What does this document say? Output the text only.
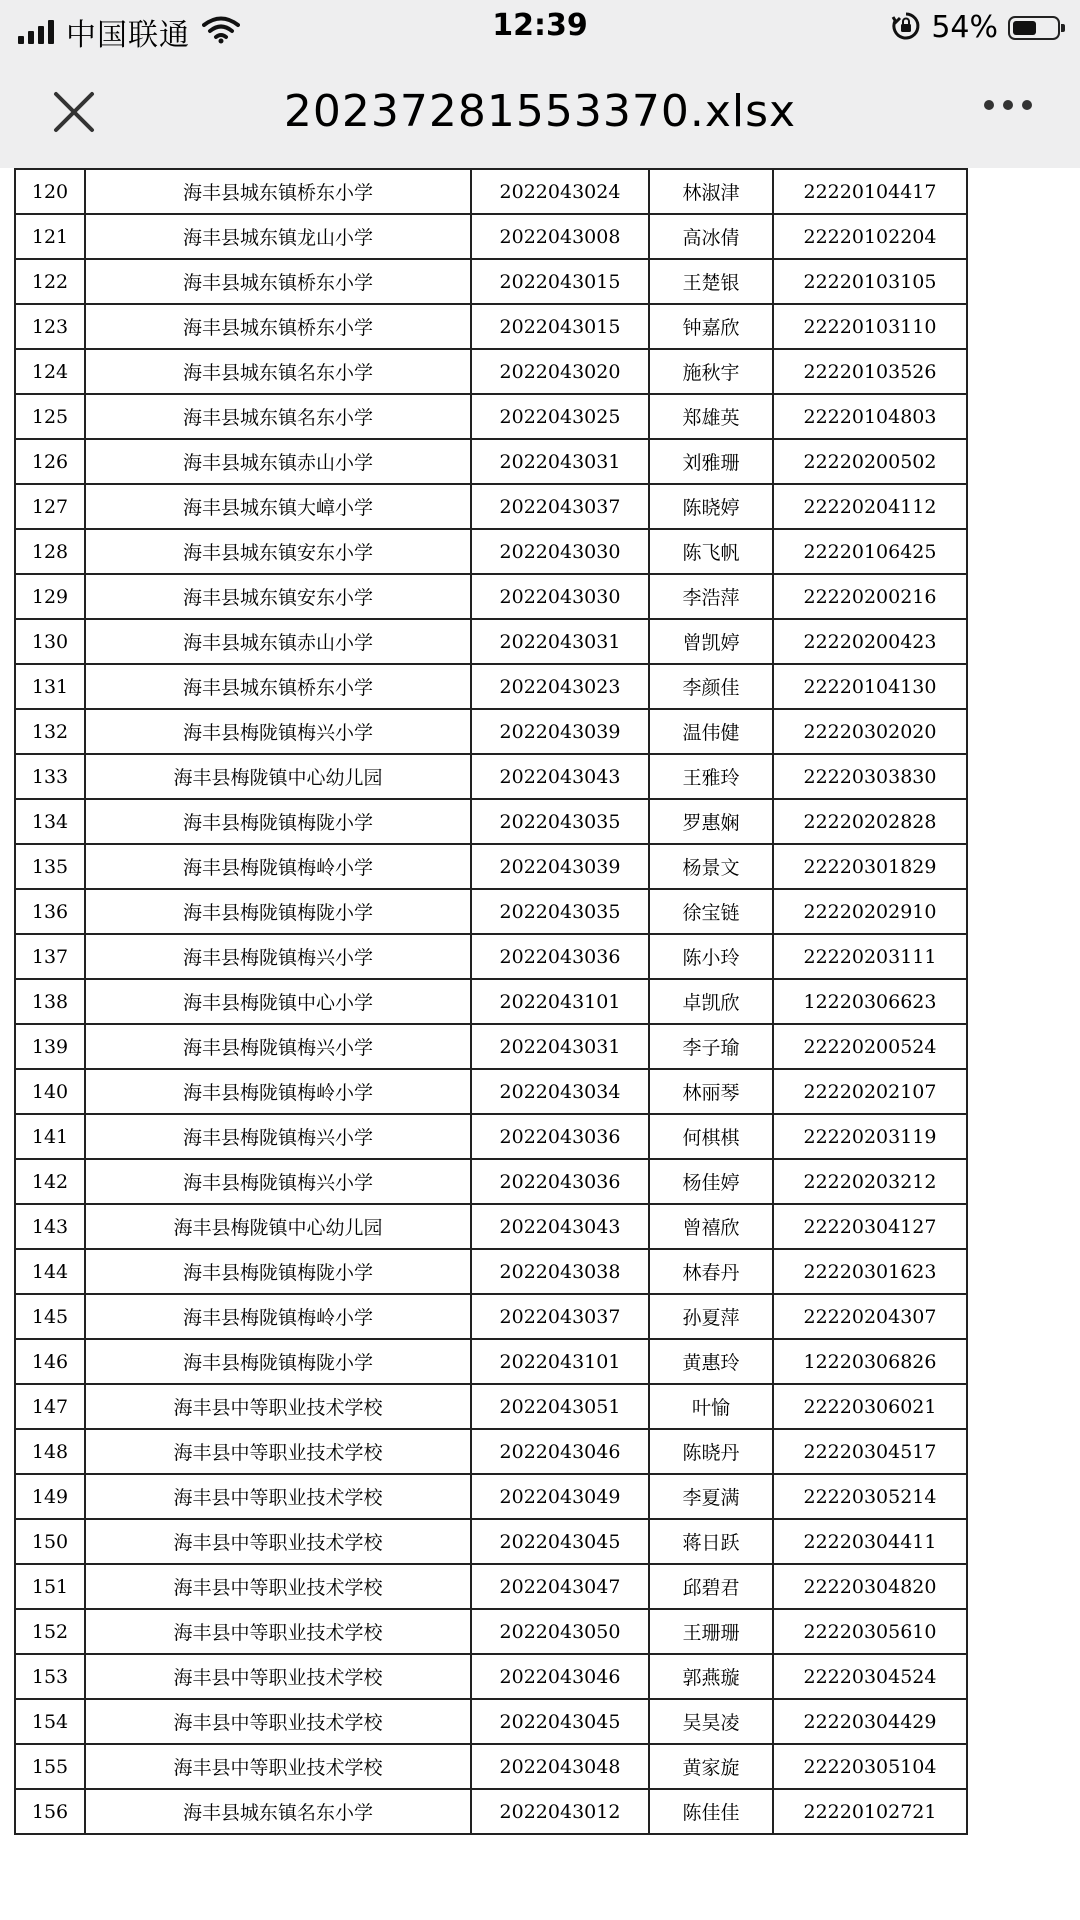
中国联通	12:39	54%
20237281553370.xlsx
120	海丰县城东镇桥东小学	2022043024	林淑津	22220104417
121	海丰县城东镇龙山小学	2022043008	高冰倩	22220102204
122	海丰县城东镇桥东小学	2022043015	王楚银	22220103105
123	海丰县城东镇桥东小学	2022043015	钟嘉欣	22220103110
124	海丰县城东镇名东小学	2022043020	施秋宇	22220103526
125	海丰县城东镇名东小学	2022043025	郑雄英	22220104803
126	海丰县城东镇赤山小学	2022043031	刘雅珊	22220200502
127	海丰县城东镇大嶂小学	2022043037	陈晓婷	22220204112
128	海丰县城东镇安东小学	2022043030	陈飞帆	22220106425
129	海丰县城东镇安东小学	2022043030	李浩萍	22220200216
130	海丰县城东镇赤山小学	2022043031	曾凯婷	22220200423
131	海丰县城东镇桥东小学	2022043023	李颜佳	22220104130
132	海丰县梅陇镇梅兴小学	2022043039	温伟健	22220302020
133	海丰县梅陇镇中心幼儿园	2022043043	王雅玲	22220303830
134	海丰县梅陇镇梅陇小学	2022043035	罗惠娴	22220202828
135	海丰县梅陇镇梅岭小学	2022043039	杨景文	22220301829
136	海丰县梅陇镇梅陇小学	2022043035	徐宝链	22220202910
137	海丰县梅陇镇梅兴小学	2022043036	陈小玲	22220203111
138	海丰县梅陇镇中心小学	2022043101	卓凯欣	12220306623
139	海丰县梅陇镇梅兴小学	2022043031	李子瑜	22220200524
140	海丰县梅陇镇梅岭小学	2022043034	林丽琴	22220202107
141	海丰县梅陇镇梅兴小学	2022043036	何棋棋	22220203119
142	海丰县梅陇镇梅兴小学	2022043036	杨佳婷	22220203212
143	海丰县梅陇镇中心幼儿园	2022043043	曾禧欣	22220304127
144	海丰县梅陇镇梅陇小学	2022043038	林春丹	22220301623
145	海丰县梅陇镇梅岭小学	2022043037	孙夏萍	22220204307
146	海丰县梅陇镇梅陇小学	2022043101	黄惠玲	12220306826
147	海丰县中等职业技术学校	2022043051	叶愉	22220306021
148	海丰县中等职业技术学校	2022043046	陈晓丹	22220304517
149	海丰县中等职业技术学校	2022043049	李夏满	22220305214
150	海丰县中等职业技术学校	2022043045	蒋日跃	22220304411
151	海丰县中等职业技术学校	2022043047	邱碧君	22220304820
152	海丰县中等职业技术学校	2022043050	王珊珊	22220305610
153	海丰县中等职业技术学校	2022043046	郭燕璇	22220304524
154	海丰县中等职业技术学校	2022043045	吴昊凌	22220304429
155	海丰县中等职业技术学校	2022043048	黄家旋	22220305104
156	海丰县城东镇名东小学	2022043012	陈佳佳	22220102721
